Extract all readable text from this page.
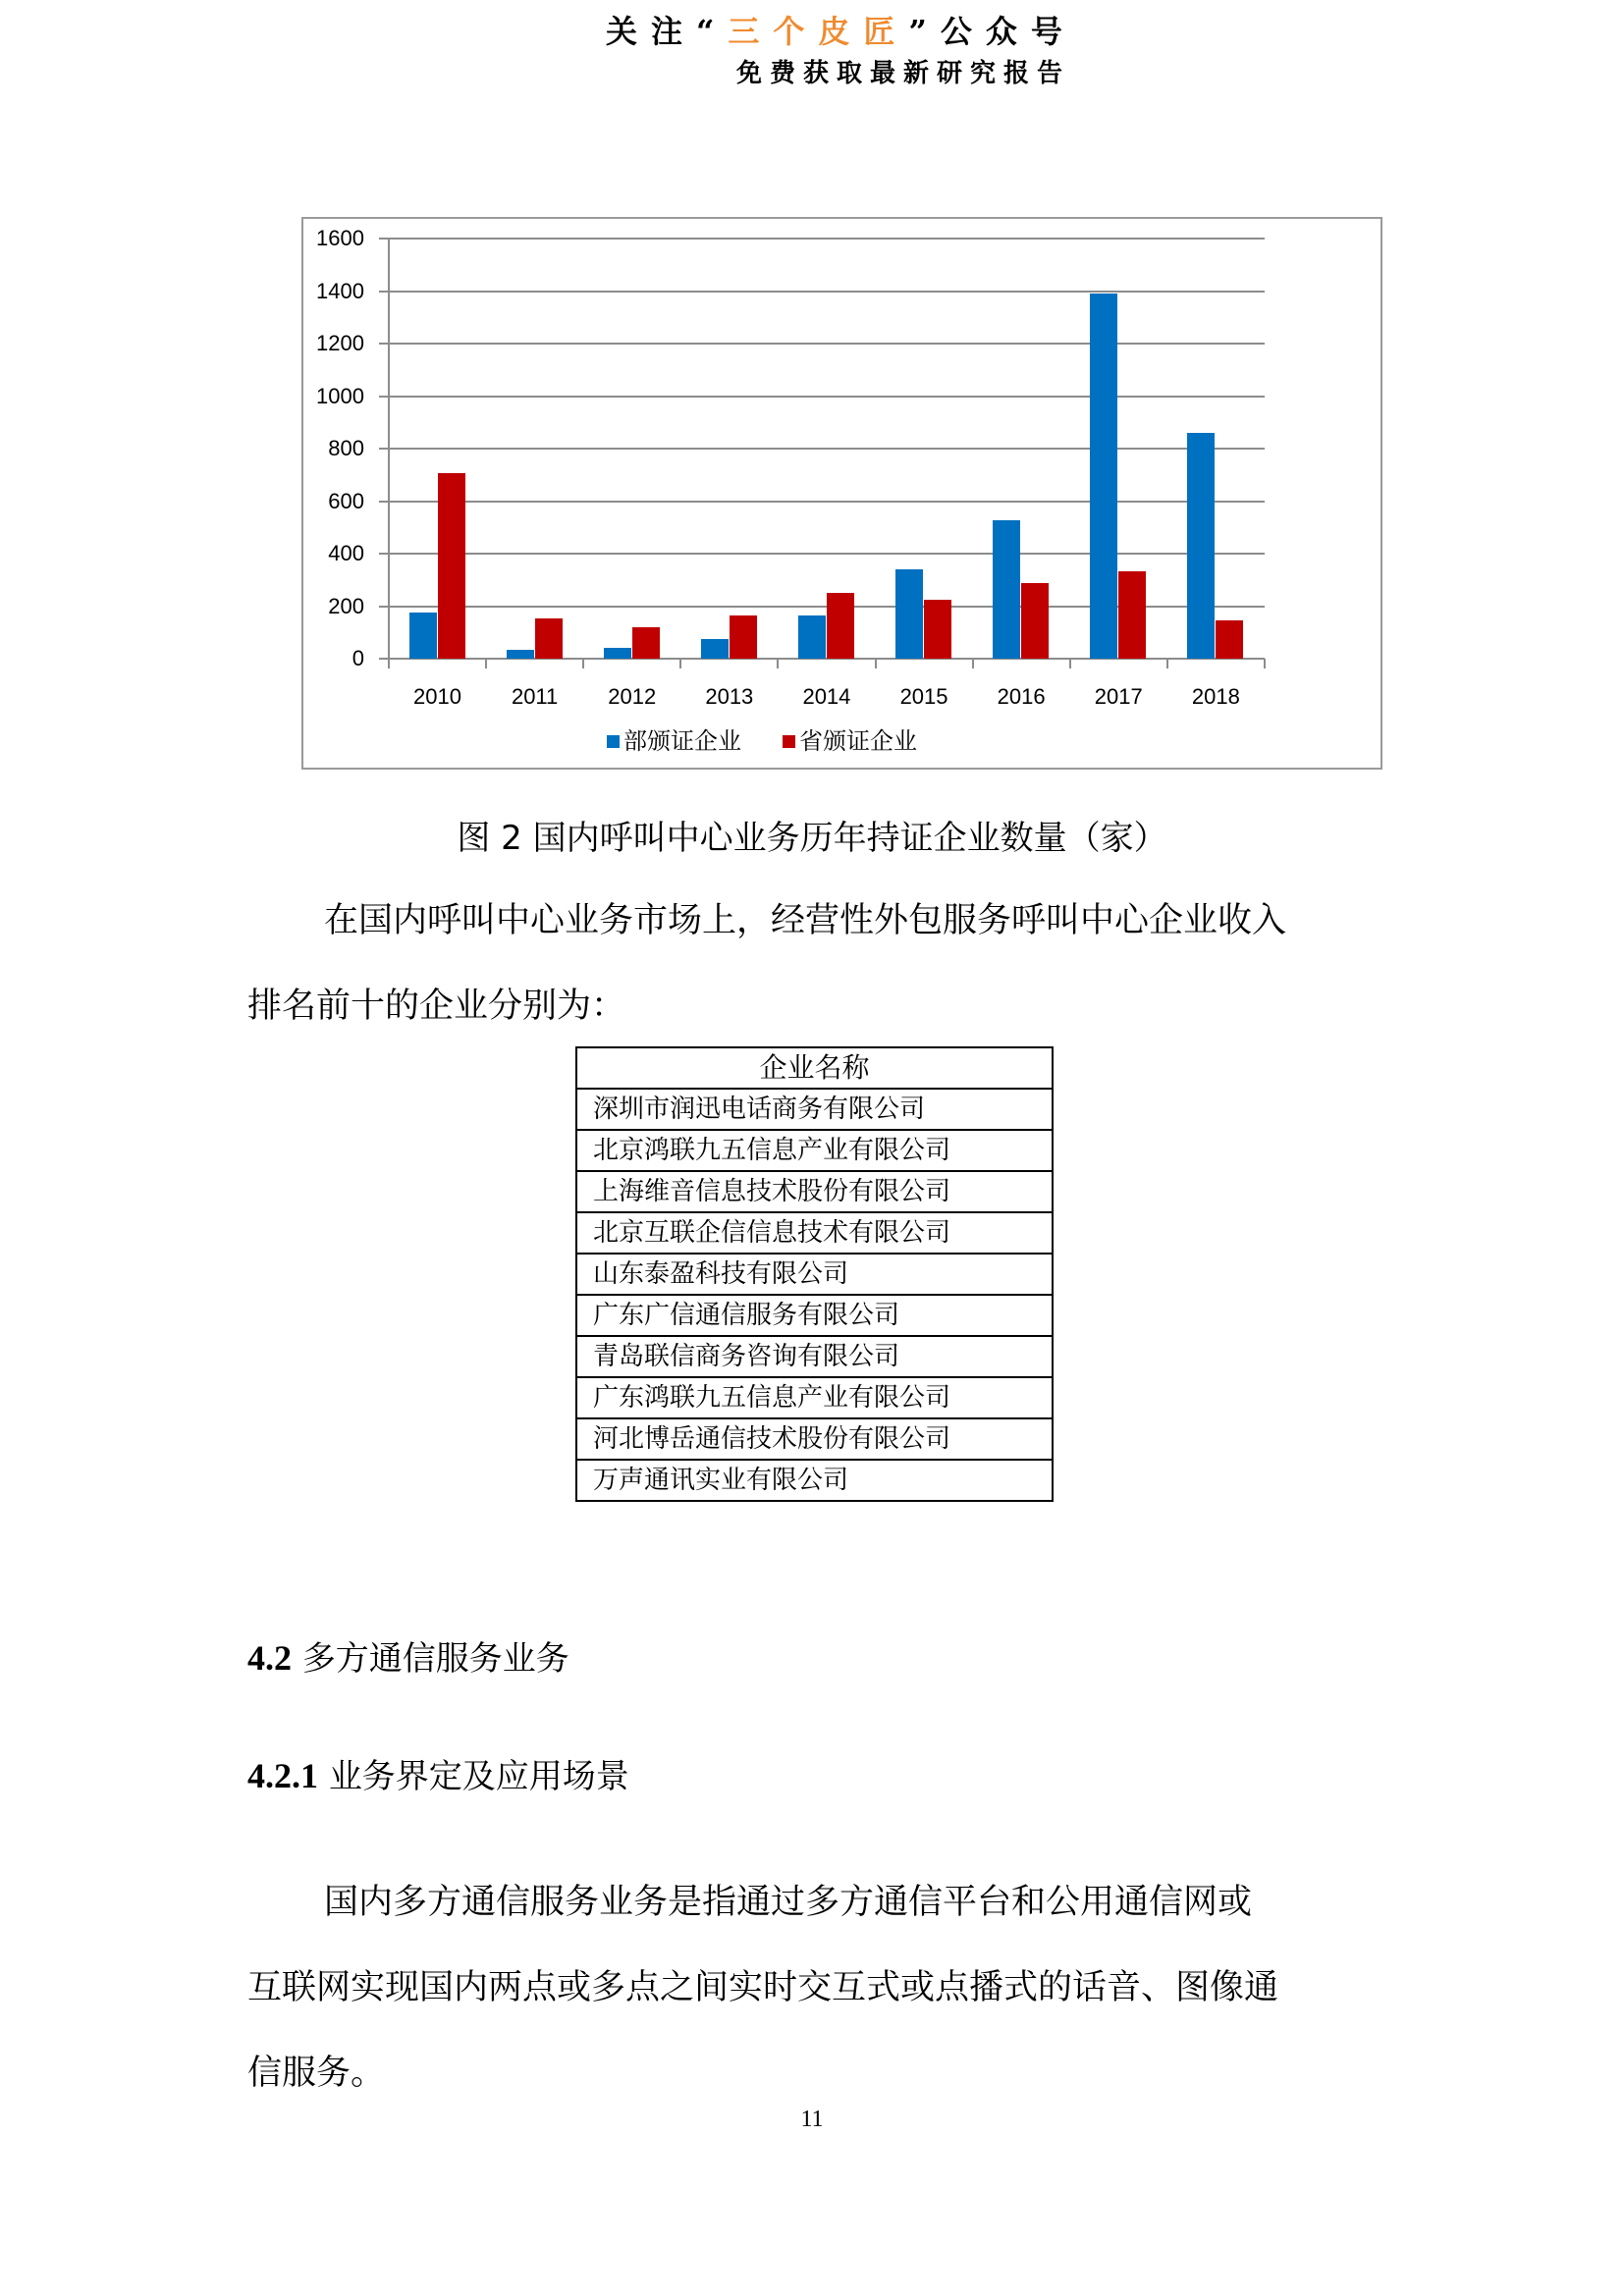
关注“三个皮匠”公众号
免费获取最新研究报告
1600
1400
1200
1000
800
600
400
200
0
2010	2011	2012	2013	2014	2015	2016	2017	2018
部颁证企业 省颁证企业
图 2 国内呼叫中心业务历年持证企业数量（家）
在国内呼叫中心业务市场上，经营性外包服务呼叫中心企业收入
排名前十的企业分别为：
企业名称
深圳市润迅电话商务有限公司
北京鸿联九五信息产业有限公司
上海维音信息技术股份有限公司
北京互联企信信息技术有限公司
山东泰盈科技有限公司
广东广信通信服务有限公司
青岛联信商务咨询有限公司
广东鸿联九五信息产业有限公司
河北博岳通信技术股份有限公司
万声通讯实业有限公司
4.2 多方通信服务业务
4.2.1 业务界定及应用场景
国内多方通信服务业务是指通过多方通信平台和公用通信网或
互联网实现国内两点或多点之间实时交互式或点播式的话音、图像通
信服务。
11
